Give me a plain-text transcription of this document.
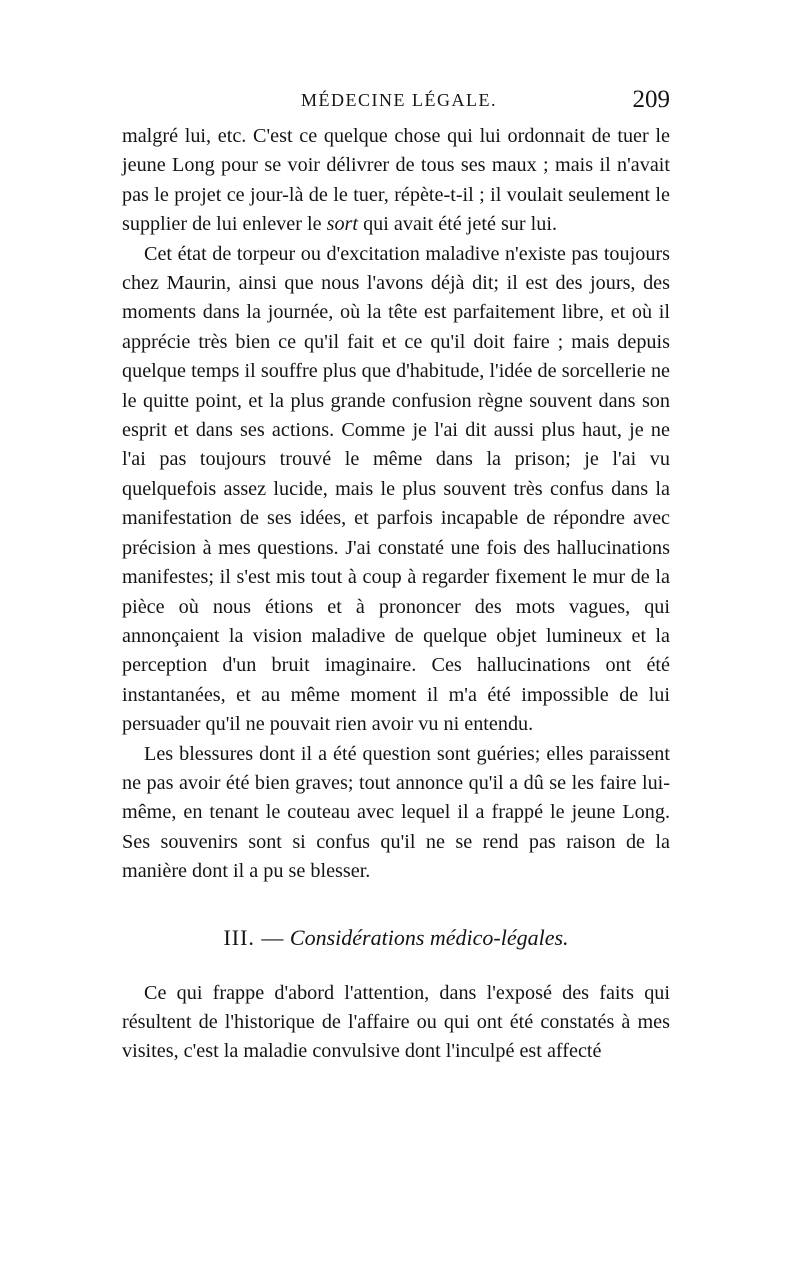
MÉDECINE LÉGALE.	209

malgré lui, etc. C'est ce quelque chose qui lui ordonnait de tuer le jeune Long pour se voir délivrer de tous ses maux ; mais il n'avait pas le projet ce jour-là de le tuer, répète-t-il ; il voulait seulement le supplier de lui enlever le sort qui avait été jeté sur lui.

Cet état de torpeur ou d'excitation maladive n'existe pas toujours chez Maurin, ainsi que nous l'avons déjà dit; il est des jours, des moments dans la journée, où la tête est parfaitement libre, et où il apprécie très bien ce qu'il fait et ce qu'il doit faire ; mais depuis quelque temps il souffre plus que d'habitude, l'idée de sorcellerie ne le quitte point, et la plus grande confusion règne souvent dans son esprit et dans ses actions. Comme je l'ai dit aussi plus haut, je ne l'ai pas toujours trouvé le même dans la prison; je l'ai vu quelquefois assez lucide, mais le plus souvent très confus dans la manifestation de ses idées, et parfois incapable de répondre avec précision à mes questions. J'ai constaté une fois des hallucinations manifestes; il s'est mis tout à coup à regarder fixement le mur de la pièce où nous étions et à prononcer des mots vagues, qui annonçaient la vision maladive de quelque objet lumineux et la perception d'un bruit imaginaire. Ces hallucinations ont été instantanées, et au même moment il m'a été impossible de lui persuader qu'il ne pouvait rien avoir vu ni entendu.

Les blessures dont il a été question sont guéries; elles paraissent ne pas avoir été bien graves; tout annonce qu'il a dû se les faire lui-même, en tenant le couteau avec lequel il a frappé le jeune Long. Ses souvenirs sont si confus qu'il ne se rend pas raison de la manière dont il a pu se blesser.

III. — Considérations médico-légales.

Ce qui frappe d'abord l'attention, dans l'exposé des faits qui résultent de l'historique de l'affaire ou qui ont été constatés à mes visites, c'est la maladie convulsive dont l'inculpé est affecté
